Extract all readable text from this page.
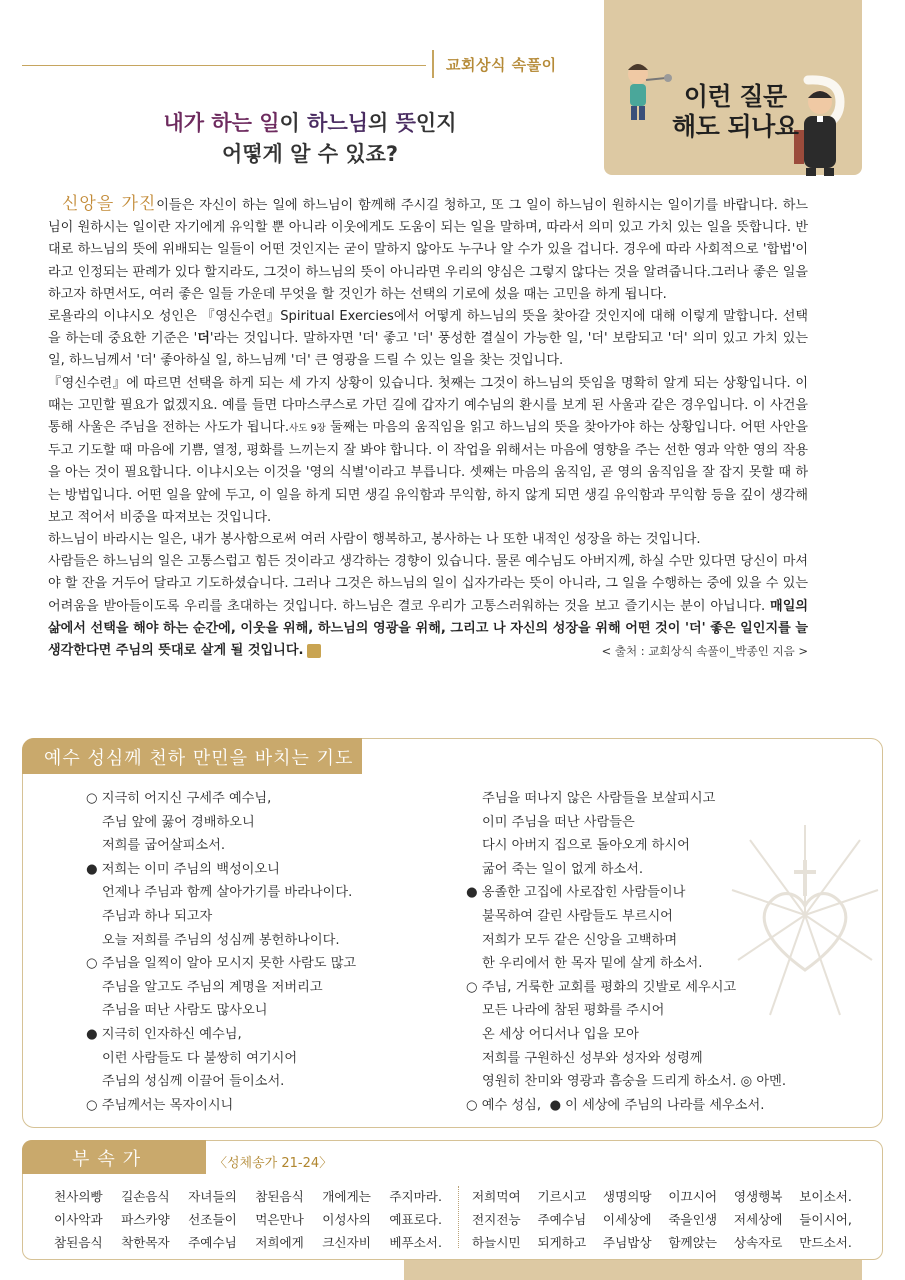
교회상식 속풀이
이런 질문
해도 되나요
내가 하는 일이 하느님의 뜻인지
어떻게 알 수 있죠?

신앙을 가진이들은 자신이 하는 일에 하느님이 함께해 주시길 청하고, 또 그 일이 하느님이 원하시는 일이기를 바랍니다. 하느님이 원하시는 일이란 자기에게 유익할 뿐 아니라 이웃에게도 도움이 되는 일을 말하며, 따라서 의미 있고 가치 있는 일을 뜻합니다. 반대로 하느님의 뜻에 위배되는 일들이 어떤 것인지는 굳이 말하지 않아도 누구나 알 수가 있을 겁니다. 경우에 따라 사회적으로 '합법'이라고 인정되는 판례가 있다 할지라도, 그것이 하느님의 뜻이 아니라면 우리의 양심은 그렇지 않다는 것을 알려줍니다.그러나 좋은 일을 하고자 하면서도, 여러 좋은 일들 가운데 무엇을 할 것인가 하는 선택의 기로에 섰을 때는 고민을 하게 됩니다.

로욜라의 이냐시오 성인은 『영신수련』Spiritual Exercies에서 어떻게 하느님의 뜻을 찾아갈 것인지에 대해 이렇게 말합니다. 선택을 하는데 중요한 기준은 '더'라는 것입니다. 말하자면 '더' 좋고 '더' 풍성한 결실이 가능한 일, '더' 보람되고 '더' 의미 있고 가치 있는 일, 하느님께서 '더' 좋아하실 일, 하느님께 '더' 큰 영광을 드릴 수 있는 일을 찾는 것입니다.

『영신수련』에 따르면 선택을 하게 되는 세 가지 상황이 있습니다. 첫째는 그것이 하느님의 뜻임을 명확히 알게 되는 상황입니다. 이때는 고민할 필요가 없겠지요. 예를 들면 다마스쿠스로 가던 길에 갑자기 예수님의 환시를 보게 된 사울과 같은 경우입니다. 이 사건을 통해 사울은 주님을 전하는 사도가 됩니다.사도 9장 둘째는 마음의 움직임을 읽고 하느님의 뜻을 찾아가야 하는 상황입니다. 어떤 사안을 두고 기도할 때 마음에 기쁨, 열정, 평화를 느끼는지 잘 봐야 합니다. 이 작업을 위해서는 마음에 영향을 주는 선한 영과 악한 영의 작용을 아는 것이 필요합니다. 이냐시오는 이것을 '영의 식별'이라고 부릅니다. 셋째는 마음의 움직임, 곧 영의 움직임을 잘 잡지 못할 때 하는 방법입니다. 어떤 일을 앞에 두고, 이 일을 하게 되면 생길 유익함과 무익함, 하지 않게 되면 생길 유익함과 무익함 등을 깊이 생각해 보고 적어서 비중을 따져보는 것입니다.

하느님이 바라시는 일은, 내가 봉사함으로써 여러 사람이 행복하고, 봉사하는 나 또한 내적인 성장을 하는 것입니다.

사람들은 하느님의 일은 고통스럽고 힘든 것이라고 생각하는 경향이 있습니다. 물론 예수님도 아버지께, 하실 수만 있다면 당신이 마셔야 할 잔을 거두어 달라고 기도하셨습니다. 그러나 그것은 하느님의 일이 십자가라는 뜻이 아니라, 그 일을 수행하는 중에 있을 수 있는 어려움을 받아들이도록 우리를 초대하는 것입니다. 하느님은 결코 우리가 고통스러워하는 것을 보고 즐기시는 분이 아닙니다. 매일의 삶에서 선택을 해야 하는 순간에, 이웃을 위해, 하느님의 영광을 위해, 그리고 나 자신의 성장을 위해 어떤 것이 '더' 좋은 일인지를 늘 생각한다면 주님의 뜻대로 살게 될 것입니다.	< 출처 : 교회상식 속풀이_박종인 지음 >

예수 성심께 천하 만민을 바치는 기도
○ 지극히 어지신 구세주 예수님,
주님 앞에 꿇어 경배하오니
저희를 굽어살피소서.
● 저희는 이미 주님의 백성이오니
언제나 주님과 함께 살아가기를 바라나이다.
주님과 하나 되고자
오늘 저희를 주님의 성심께 봉헌하나이다.
○ 주님을 일찍이 알아 모시지 못한 사람도 많고
주님을 알고도 주님의 계명을 저버리고
주님을 떠난 사람도 많사오니
● 지극히 인자하신 예수님,
이런 사람들도 다 불쌍히 여기시어
주님의 성심께 이끌어 들이소서.
○ 주님께서는 목자이시니
주님을 떠나지 않은 사람들을 보살피시고
이미 주님을 떠난 사람들은
다시 아버지 집으로 돌아오게 하시어
굶어 죽는 일이 없게 하소서.
● 옹졸한 고집에 사로잡힌 사람들이나
불목하여 갈린 사람들도 부르시어
저희가 모두 같은 신앙을 고백하며
한 우리에서 한 목자 밑에 살게 하소서.
○ 주님, 거룩한 교회를 평화의 깃발로 세우시고
모든 나라에 참된 평화를 주시어
온 세상 어디서나 입을 모아
저희를 구원하신 성부와 성자와 성령께
영원히 찬미와 영광과 흠숭을 드리게 하소서. ◎ 아멘.
○ 예수 성심, ● 이 세상에 주님의 나라를 세우소서.
부속가	〈성체송가 21-24〉
천사의빵 길손음식 자녀들의 참된음식 개에게는 주지마라.
이사악과 파스카양 선조들이 먹은만나 이성사의 예표로다.
참된음식 착한목자 주예수님 저희에게 크신자비 베푸소서.
저희먹여 기르시고 생명의땅 이끄시어 영생행복 보이소서.
전지전능 주예수님 이세상에 죽을인생 저세상에 들이시어,
하늘시민 되게하고 주님밥상 함께앉는 상속자로 만드소서.
